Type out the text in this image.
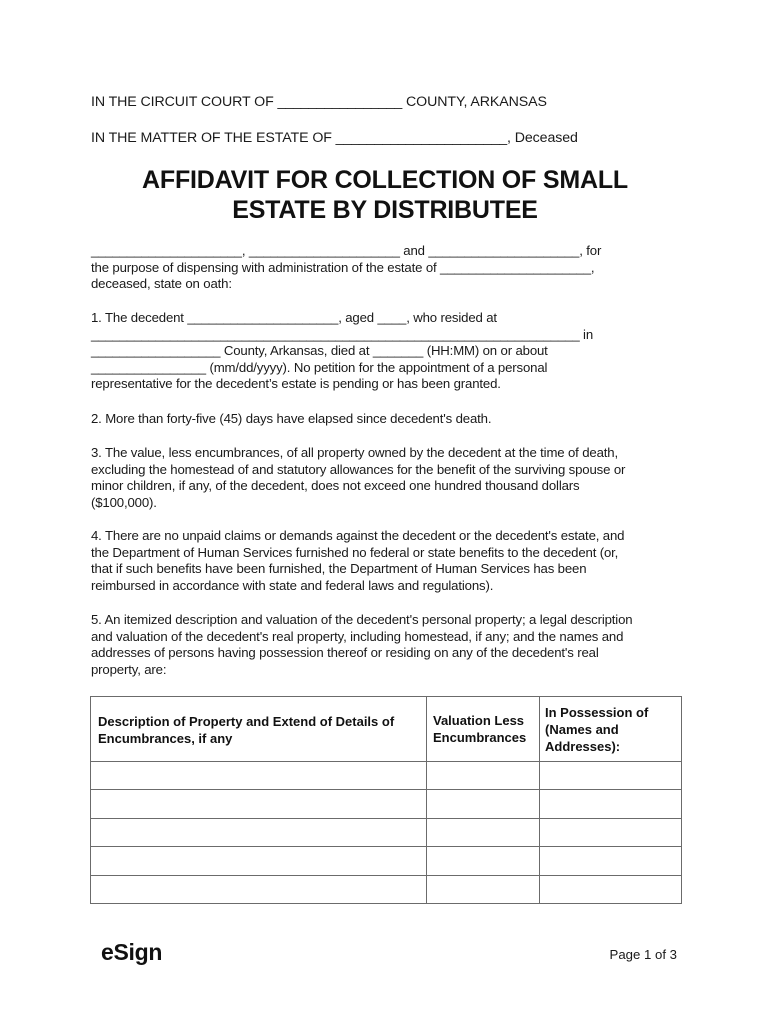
IN THE CIRCUIT COURT OF ________________ COUNTY, ARKANSAS
IN THE MATTER OF THE ESTATE OF ______________________, Deceased
AFFIDAVIT FOR COLLECTION OF SMALL
ESTATE BY DISTRIBUTEE
_____________________, _____________________ and _____________________, for
the purpose of dispensing with administration of the estate of _____________________,
deceased, state on oath:
1. The decedent _____________________, aged ____, who resided at
____________________________________________________________________ in
__________________ County, Arkansas, died at _______ (HH:MM) on or about
________________ (mm/dd/yyyy). No petition for the appointment of a personal
representative for the decedent’s estate is pending or has been granted.
2. More than forty-five (45) days have elapsed since decedent's death.
3. The value, less encumbrances, of all property owned by the decedent at the time of death,
excluding the homestead of and statutory allowances for the benefit of the surviving spouse or
minor children, if any, of the decedent, does not exceed one hundred thousand dollars
($100,000).
4. There are no unpaid claims or demands against the decedent or the decedent's estate, and
the Department of Human Services furnished no federal or state benefits to the decedent (or,
that if such benefits have been furnished, the Department of Human Services has been
reimbursed in accordance with state and federal laws and regulations).
5. An itemized description and valuation of the decedent's personal property; a legal description
and valuation of the decedent's real property, including homestead, if any; and the names and
addresses of persons having possession thereof or residing on any of the decedent's real
property, are:
Description of Property and Extend of Details of Encumbrances, if any	Valuation Less Encumbrances	In Possession of (Names and Addresses):

eSign	Page 1 of 3
